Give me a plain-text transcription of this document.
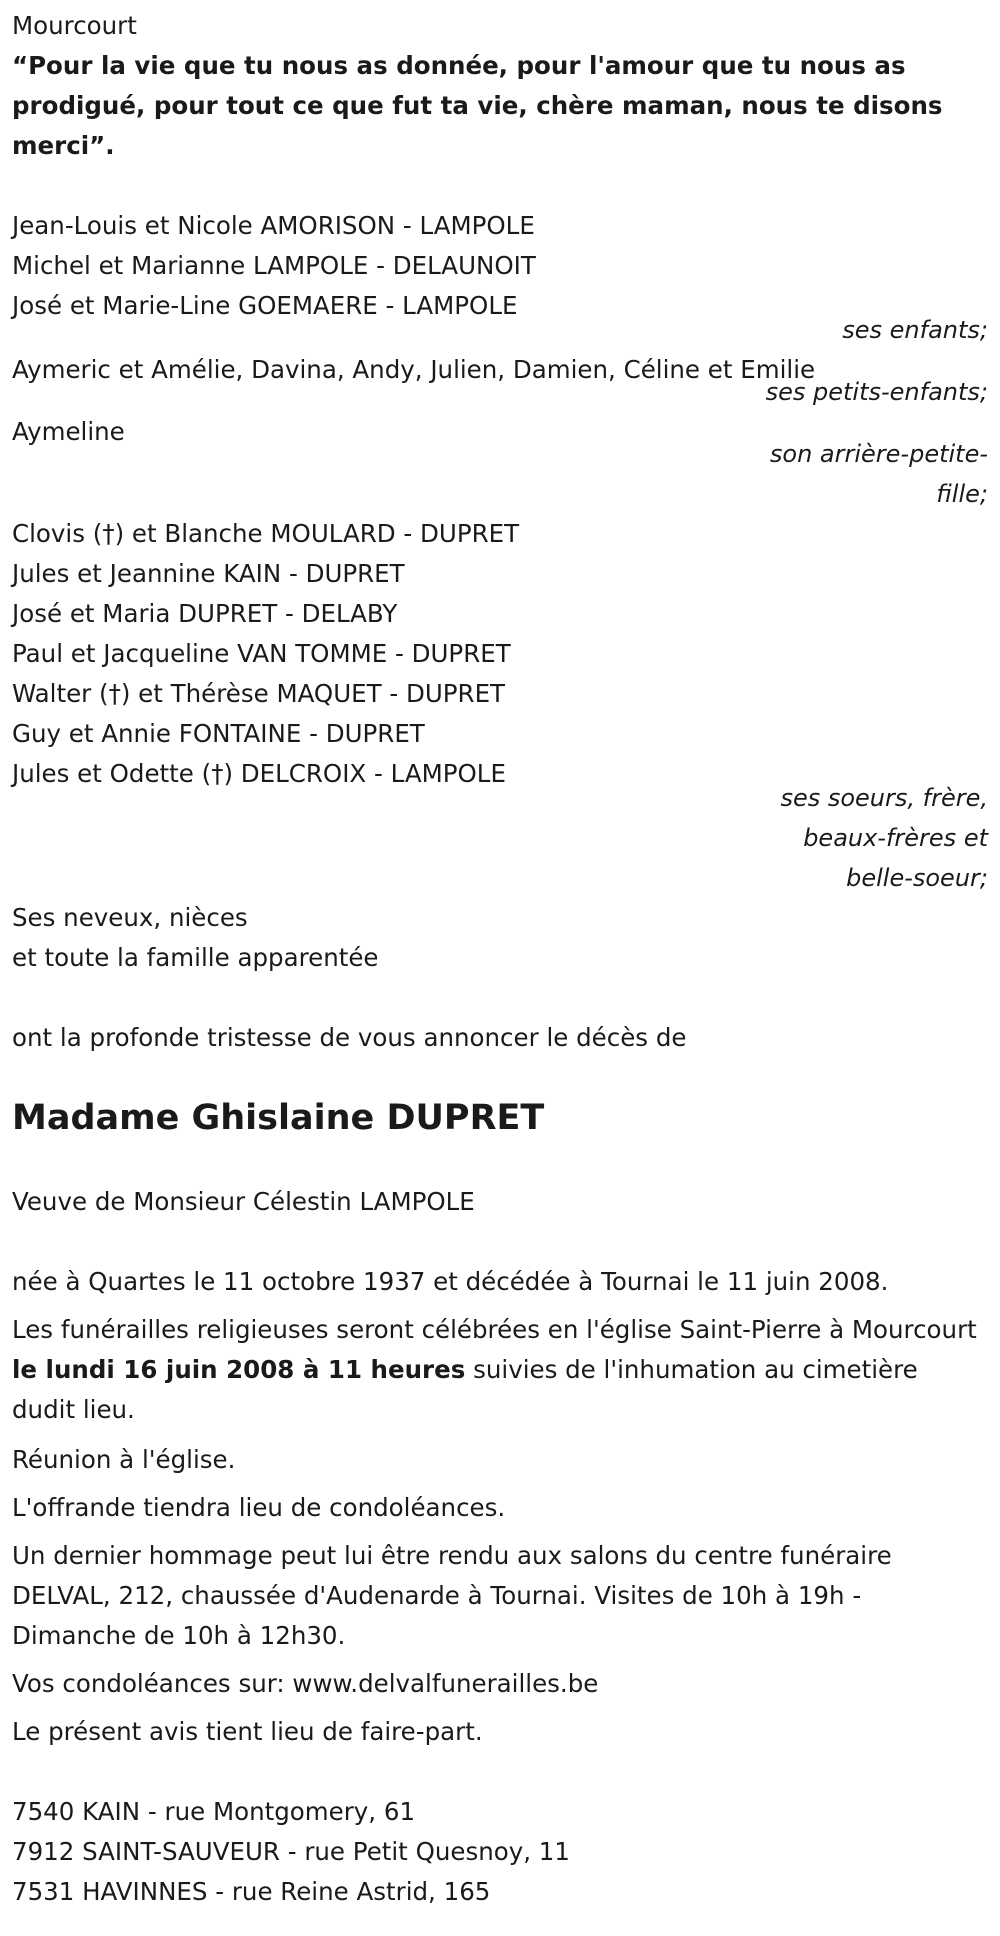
Mourcourt
“Pour la vie que tu nous as donnée, pour l'amour que tu nous as prodigué, pour tout ce que fut ta vie, chère maman, nous te disons merci”.
Jean-Louis et Nicole AMORISON - LAMPOLE
Michel et Marianne LAMPOLE - DELAUNOIT
José et Marie-Line GOEMAERE - LAMPOLE
ses enfants;
Aymeric et Amélie, Davina, Andy, Julien, Damien, Céline et Emilie
ses petits-enfants;
Aymeline
son arrière-petite-
fille;
Clovis (†) et Blanche MOULARD - DUPRET
Jules et Jeannine KAIN - DUPRET
José et Maria DUPRET - DELABY
Paul et Jacqueline VAN TOMME - DUPRET
Walter (†) et Thérèse MAQUET - DUPRET
Guy et Annie FONTAINE - DUPRET
Jules et Odette (†) DELCROIX - LAMPOLE
ses soeurs, frère,
beaux-frères et
belle-soeur;
Ses neveux, nièces
et toute la famille apparentée
ont la profonde tristesse de vous annoncer le décès de
Madame Ghislaine DUPRET
Veuve de Monsieur Célestin LAMPOLE
née à Quartes le 11 octobre 1937 et décédée à Tournai le 11 juin 2008.
Les funérailles religieuses seront célébrées en l'église Saint-Pierre à Mourcourt le lundi 16 juin 2008 à 11 heures suivies de l'inhumation au cimetière dudit lieu.
Réunion à l'église.
L'offrande tiendra lieu de condoléances.
Un dernier hommage peut lui être rendu aux salons du centre funéraire DELVAL, 212, chaussée d'Audenarde à Tournai. Visites de 10h à 19h - Dimanche de 10h à 12h30.
Vos condoléances sur: www.delvalfunerailles.be
Le présent avis tient lieu de faire-part.
7540 KAIN - rue Montgomery, 61
7912 SAINT-SAUVEUR - rue Petit Quesnoy, 11
7531 HAVINNES - rue Reine Astrid, 165
